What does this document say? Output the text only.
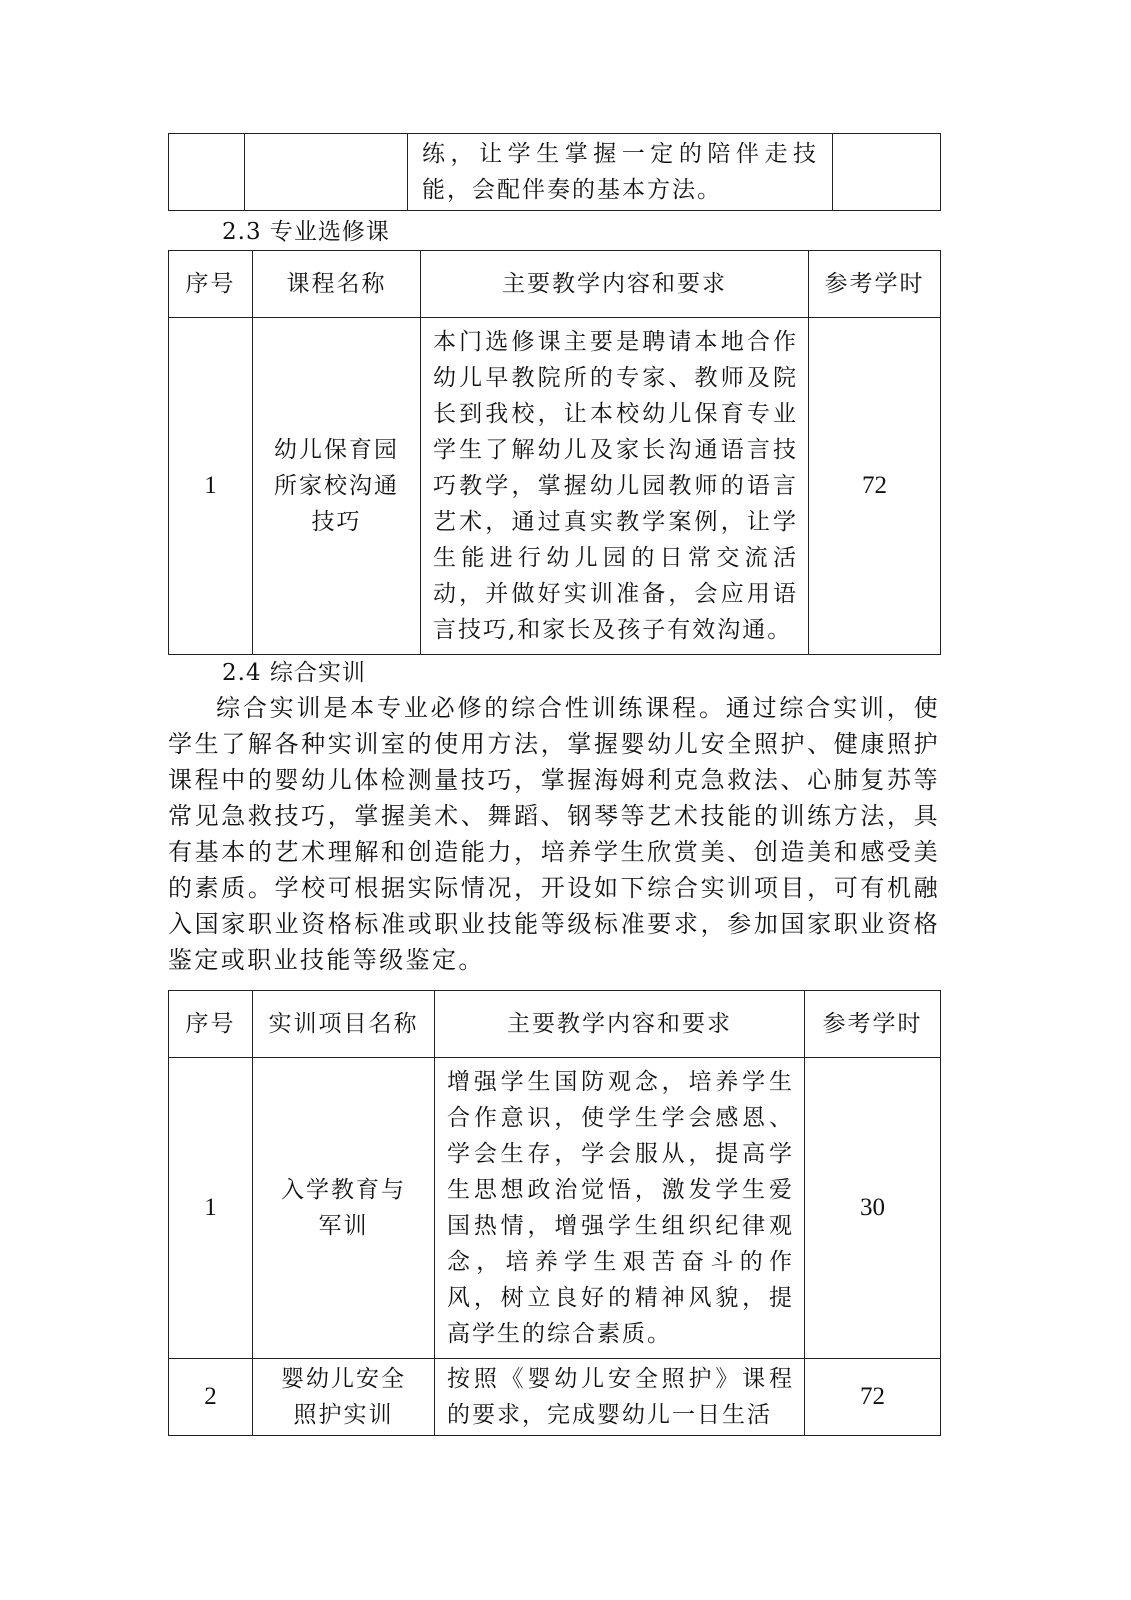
		练，让学生掌握一定的陪伴走技能，会配伴奏的基本方法。	
2.3 专业选修课
序号	课程名称	主要教学内容和要求	参考学时
1	幼儿保育园所家校沟通技巧	本门选修课主要是聘请本地合作幼儿早教院所的专家、教师及院长到我校，让本校幼儿保育专业学生了解幼儿及家长沟通语言技巧教学，掌握幼儿园教师的语言艺术，通过真实教学案例，让学生能进行幼儿园的日常交流活动，并做好实训准备，会应用语言技巧,和家长及孩子有效沟通。	72
2.4 综合实训

综合实训是本专业必修的综合性训练课程。通过综合实训，使学生了解各种实训室的使用方法，掌握婴幼儿安全照护、健康照护课程中的婴幼儿体检测量技巧，掌握海姆利克急救法、心肺复苏等常见急救技巧，掌握美术、舞蹈、钢琴等艺术技能的训练方法，具有基本的艺术理解和创造能力，培养学生欣赏美、创造美和感受美的素质。学校可根据实际情况，开设如下综合实训项目，可有机融入国家职业资格标准或职业技能等级标准要求，参加国家职业资格鉴定或职业技能等级鉴定。

序号	实训项目名称	主要教学内容和要求	参考学时
1	入学教育与军训	增强学生国防观念，培养学生合作意识，使学生学会感恩、学会生存，学会服从，提高学生思想政治觉悟，激发学生爱国热情，增强学生组织纪律观念，培养学生艰苦奋斗的作风，树立良好的精神风貌，提高学生的综合素质。	30
2	婴幼儿安全照护实训	按照《婴幼儿安全照护》课程的要求，完成婴幼儿一日生活	72
